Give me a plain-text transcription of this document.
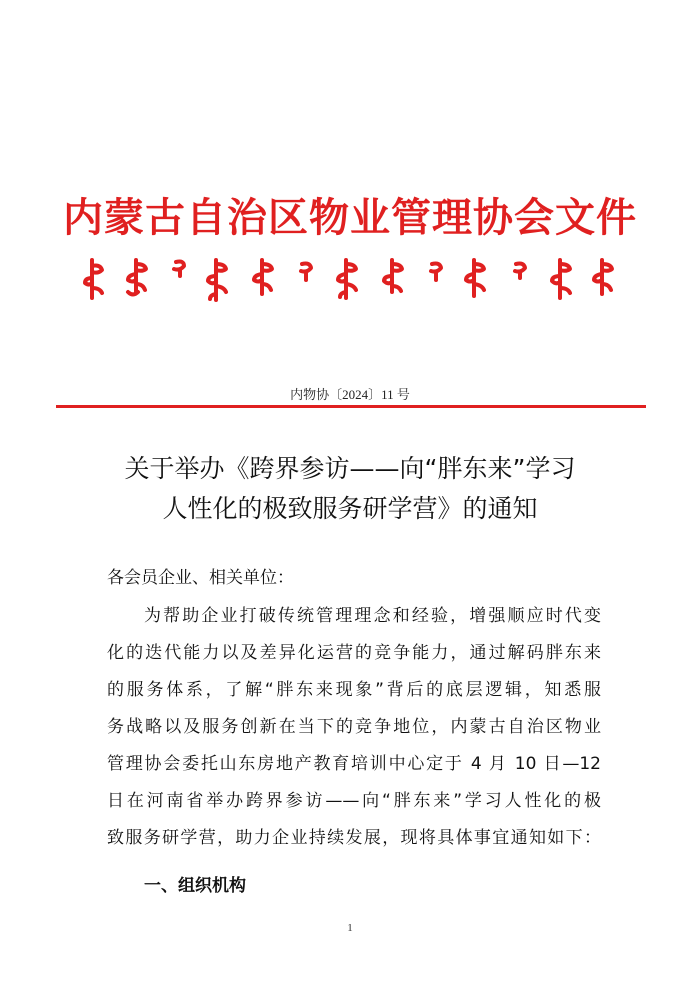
内蒙古自治区物业管理协会文件
内物协〔2024〕11 号
关于举办《跨界参访——向“胖东来”学习
人性化的极致服务研学营》的通知
各会员企业、相关单位：
为帮助企业打破传统管理理念和经验，增强顺应时代变
化的迭代能力以及差异化运营的竞争能力，通过解码胖东来
的服务体系，了解“胖东来现象”背后的底层逻辑，知悉服
务战略以及服务创新在当下的竞争地位，内蒙古自治区物业
管理协会委托山东房地产教育培训中心定于 4 月 10 日—12
日在河南省举办跨界参访——向“胖东来”学习人性化的极
致服务研学营，助力企业持续发展，现将具体事宜通知如下：
一、组织机构
1
